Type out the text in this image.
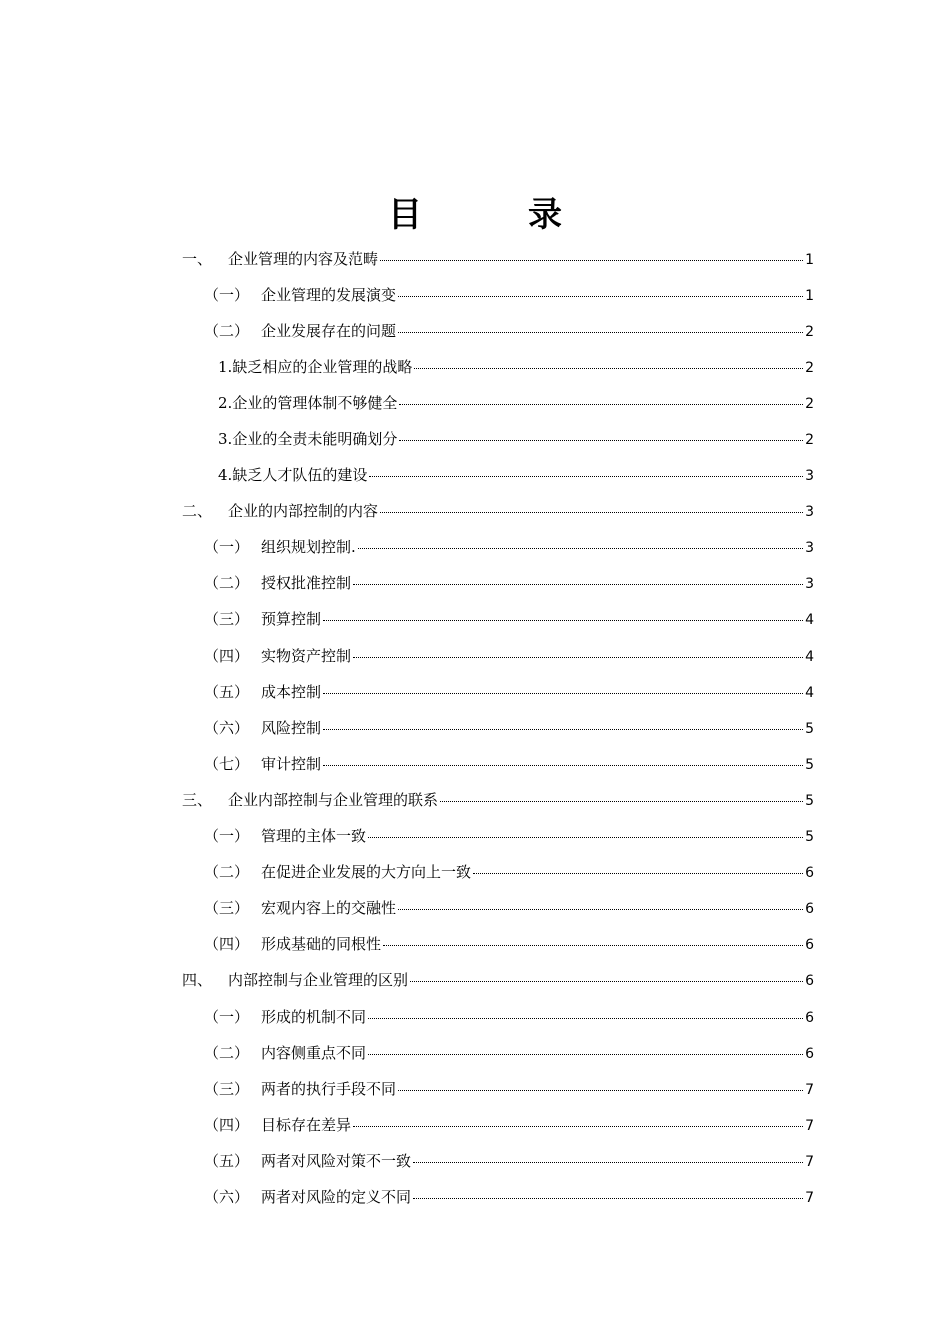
目　录
一、	企业管理的内容及范畴	1
（一） 企业管理的发展演变	1
（二） 企业发展存在的问题	2
1. 缺乏相应的企业管理的战略	2
2. 企业的管理体制不够健全	2
3. 企业的全责未能明确划分	2
4. 缺乏人才队伍的建设	3
二、	企业的内部控制的内容	3
（一） 组织规划控制.	3
（二） 授权批准控制	3
（三） 预算控制	4
（四） 实物资产控制	4
（五） 成本控制	4
（六） 风险控制	5
（七） 审计控制	5
三、	企业内部控制与企业管理的联系	5
（一） 管理的主体一致	5
（二） 在促进企业发展的大方向上一致	6
（三） 宏观内容上的交融性	6
（四） 形成基础的同根性	6
四、	内部控制与企业管理的区别	6
（一） 形成的机制不同	6
（二） 内容侧重点不同	6
（三） 两者的执行手段不同	7
（四） 目标存在差异	7
（五） 两者对风险对策不一致	7
（六） 两者对风险的定义不同	7
